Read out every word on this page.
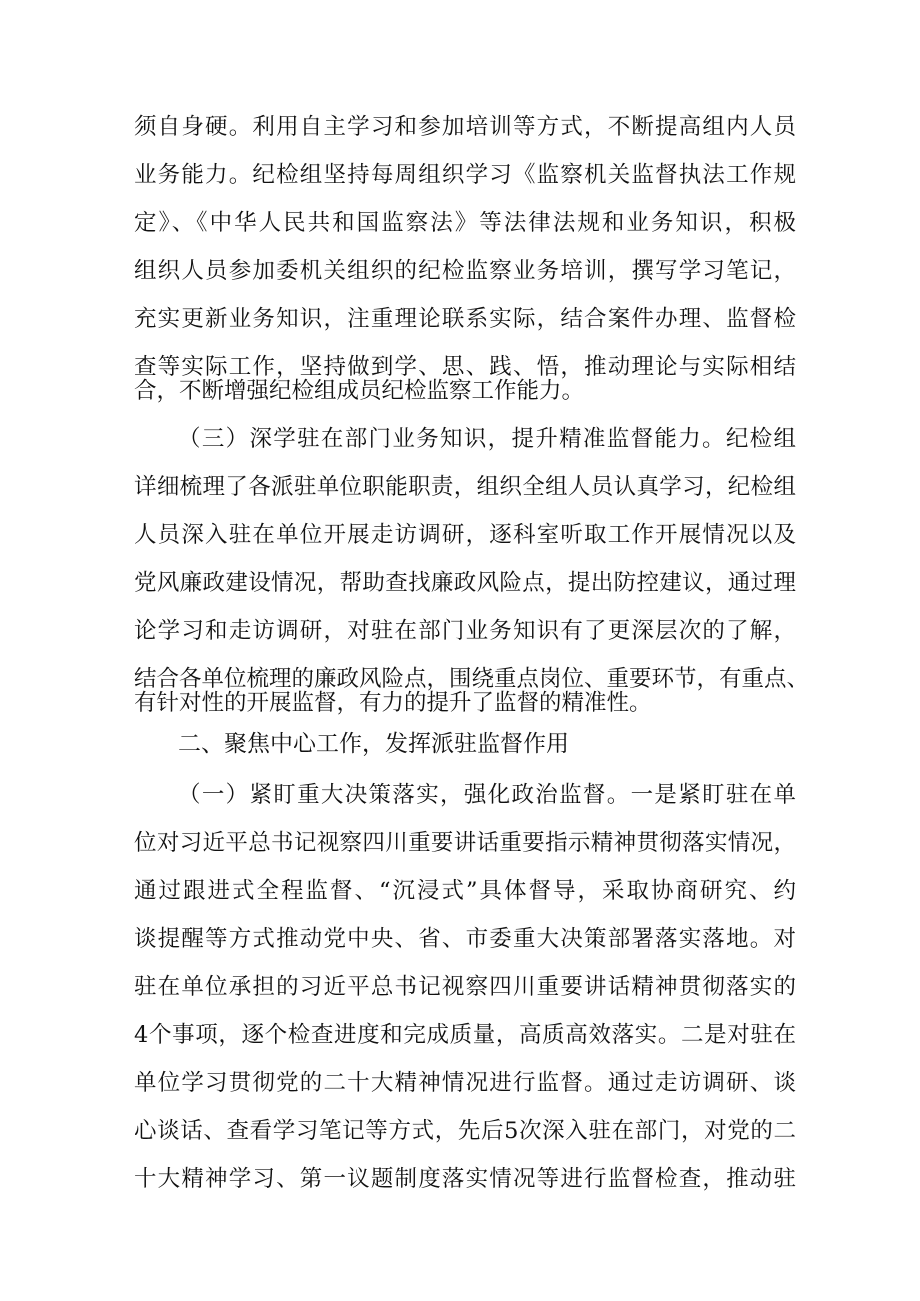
须自身硬。利用自主学习和参加培训等方式，不断提高组内人员
业务能力。纪检组坚持每周组织学习《监察机关监督执法工作规
定》、《中华人民共和国监察法》等法律法规和业务知识，积极
组织人员参加委机关组织的纪检监察业务培训，撰写学习笔记，
充实更新业务知识，注重理论联系实际，结合案件办理、监督检
查等实际工作，坚持做到学、思、践、悟，推动理论与实际相结
合，不断增强纪检组成员纪检监察工作能力。
（三）深学驻在部门业务知识，提升精准监督能力。纪检组
详细梳理了各派驻单位职能职责，组织全组人员认真学习，纪检组
人员深入驻在单位开展走访调研，逐科室听取工作开展情况以及
党风廉政建设情况，帮助查找廉政风险点，提出防控建议，通过理
论学习和走访调研，对驻在部门业务知识有了更深层次的了解，
结合各单位梳理的廉政风险点，围绕重点岗位、重要环节，有重点、
有针对性的开展监督，有力的提升了监督的精准性。
二、聚焦中心工作，发挥派驻监督作用
（一）紧盯重大决策落实，强化政治监督。一是紧盯驻在单
位对习近平总书记视察四川重要讲话重要指示精神贯彻落实情况，
通过跟进式全程监督、“沉浸式”具体督导，采取协商研究、约
谈提醒等方式推动党中央、省、市委重大决策部署落实落地。对
驻在单位承担的习近平总书记视察四川重要讲话精神贯彻落实的
4个事项，逐个检查进度和完成质量，高质高效落实。二是对驻在
单位学习贯彻党的二十大精神情况进行监督。通过走访调研、谈
心谈话、查看学习笔记等方式，先后5次深入驻在部门，对党的二
十大精神学习、第一议题制度落实情况等进行监督检查，推动驻
